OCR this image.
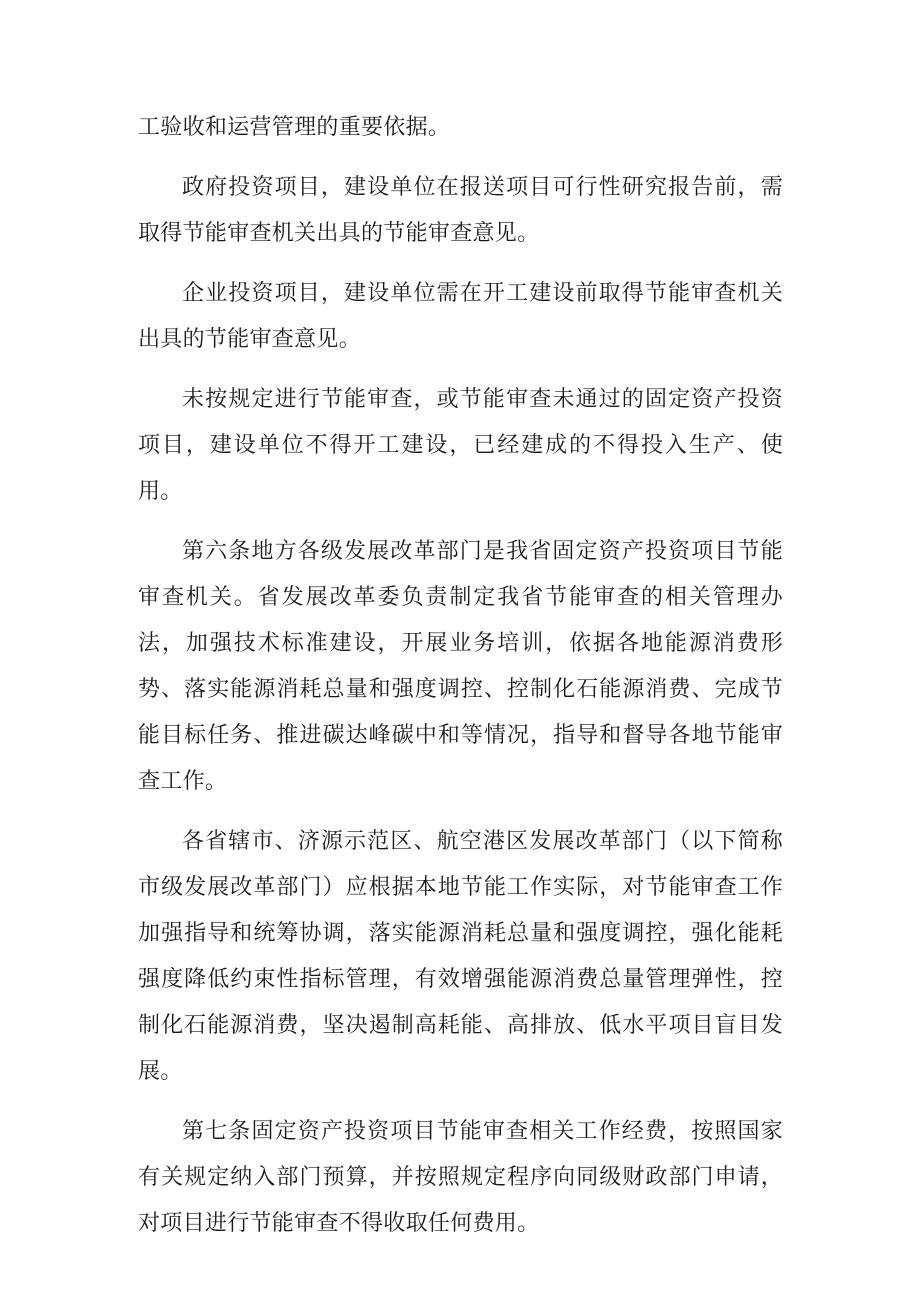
工验收和运营管理的重要依据。

政府投资项目，建设单位在报送项目可行性研究报告前，需取得节能审查机关出具的节能审查意见。

企业投资项目，建设单位需在开工建设前取得节能审查机关出具的节能审查意见。

未按规定进行节能审查，或节能审查未通过的固定资产投资项目，建设单位不得开工建设，已经建成的不得投入生产、使用。

第六条地方各级发展改革部门是我省固定资产投资项目节能审查机关。省发展改革委负责制定我省节能审查的相关管理办法，加强技术标准建设，开展业务培训，依据各地能源消费形势、落实能源消耗总量和强度调控、控制化石能源消费、完成节能目标任务、推进碳达峰碳中和等情况，指导和督导各地节能审查工作。

各省辖市、济源示范区、航空港区发展改革部门（以下简称市级发展改革部门）应根据本地节能工作实际，对节能审查工作加强指导和统筹协调，落实能源消耗总量和强度调控，强化能耗强度降低约束性指标管理，有效增强能源消费总量管理弹性，控制化石能源消费，坚决遏制高耗能、高排放、低水平项目盲目发展。

第七条固定资产投资项目节能审查相关工作经费，按照国家有关规定纳入部门预算，并按照规定程序向同级财政部门申请，对项目进行节能审查不得收取任何费用。
